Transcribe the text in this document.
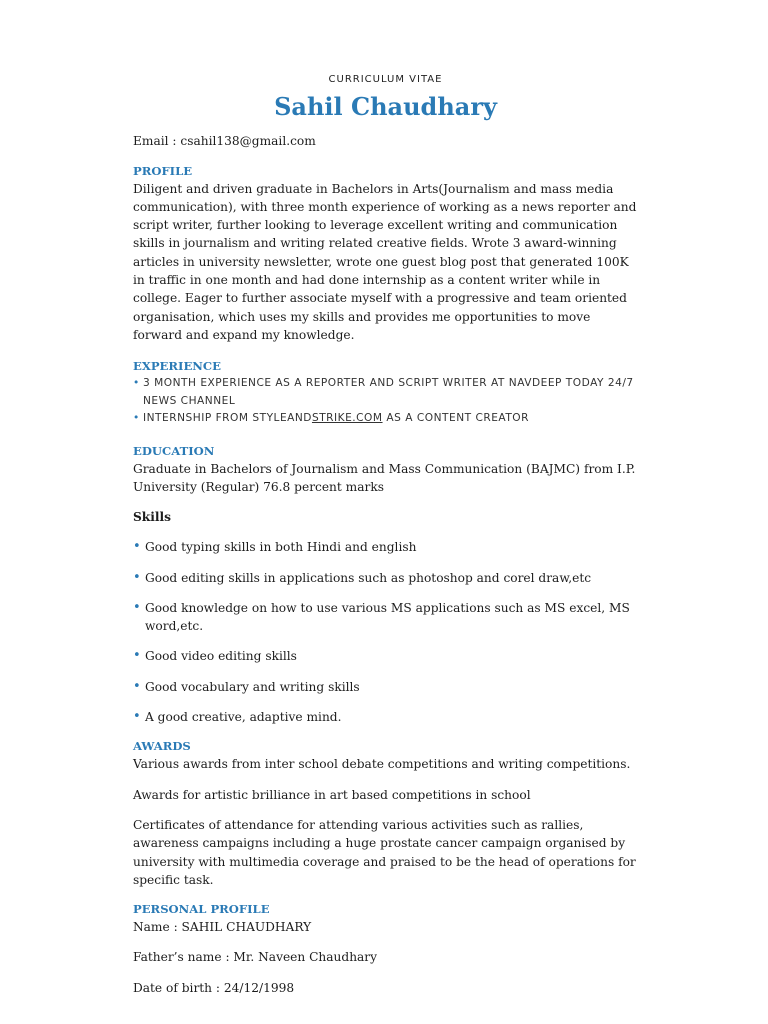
CURRICULUM VITAE

Sahil Chaudhary

Email : csahil138@gmail.com

PROFILE

Diligent and driven graduate in Bachelors in Arts(Journalism and mass media communication), with three month experience of working as a news reporter and script writer, further looking to leverage excellent writing and communication skills in journalism and writing related creative fields. Wrote 3 award-winning articles in university newsletter, wrote one guest blog post that generated 100K in traffic in one month and had done internship as a content writer while in college. Eager to further associate myself with a progressive and team oriented organisation, which uses my skills and provides me opportunities to move forward and expand my knowledge.

EXPERIENCE

• 3 MONTH EXPERIENCE AS A REPORTER AND SCRIPT WRITER AT NAVDEEP TODAY 24/7 NEWS CHANNEL
• INTERNSHIP FROM STYLEANDSTRIKE.COM AS A CONTENT CREATOR

EDUCATION

Graduate in Bachelors of Journalism and Mass Communication (BAJMC) from I.P. University (Regular) 76.8 percent marks

Skills

• Good typing skills in both Hindi and english
• Good editing skills in applications such as photoshop and corel draw,etc
• Good knowledge on how to use various MS applications such as MS excel, MS word,etc.
• Good video editing skills
• Good vocabulary and writing skills
• A good creative, adaptive mind.

AWARDS

Various awards from inter school debate competitions and writing competitions.

Awards for artistic brilliance in art based competitions in school

Certificates of attendance for attending various activities such as rallies, awareness campaigns including a huge prostate cancer campaign organised by university with multimedia coverage and praised to be the head of operations for specific task.

PERSONAL PROFILE

Name : SAHIL CHAUDHARY

Father’s name : Mr. Naveen Chaudhary

Date of birth : 24/12/1998
